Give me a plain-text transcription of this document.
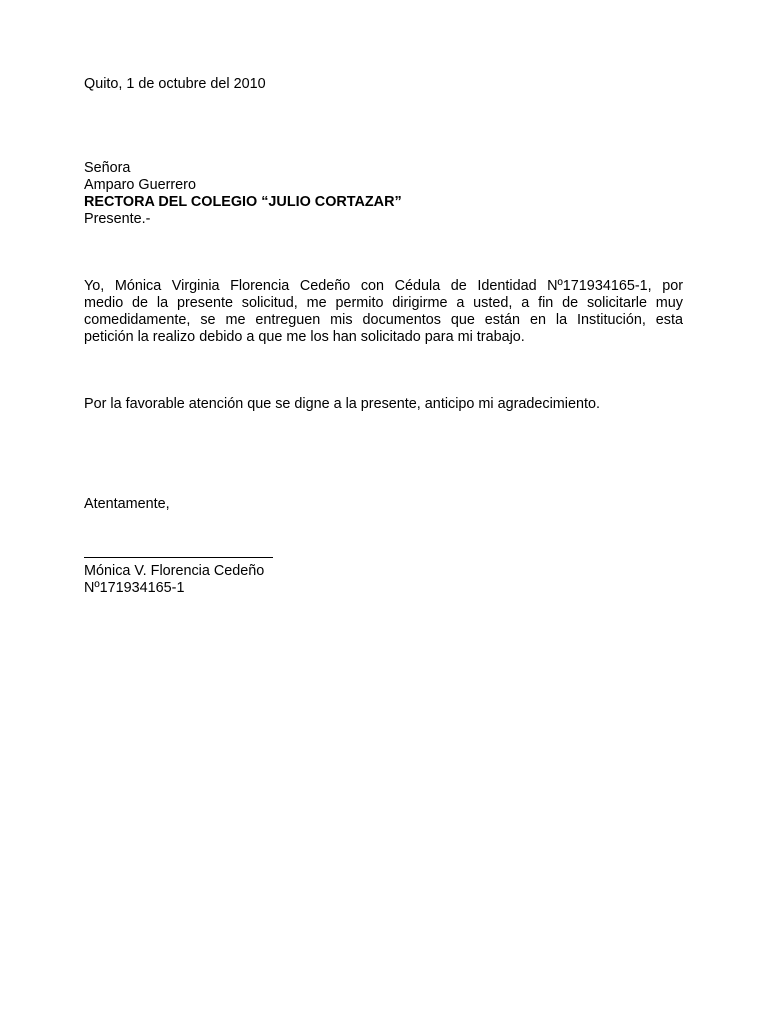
Quito, 1 de octubre del 2010
Señora
Amparo Guerrero
RECTORA DEL COLEGIO “JULIO CORTAZAR”
Presente.-
Yo, Mónica Virginia Florencia Cedeño con Cédula de Identidad Nº171934165-1, por
medio de la presente solicitud, me permito dirigirme a usted, a fin de solicitarle muy
comedidamente, se me entreguen mis documentos que están en la Institución, esta
petición la realizo debido a que me los han solicitado para mi trabajo.
Por la favorable atención que se digne a la presente, anticipo mi agradecimiento.
Atentamente,
Mónica V. Florencia Cedeño
Nº171934165-1
